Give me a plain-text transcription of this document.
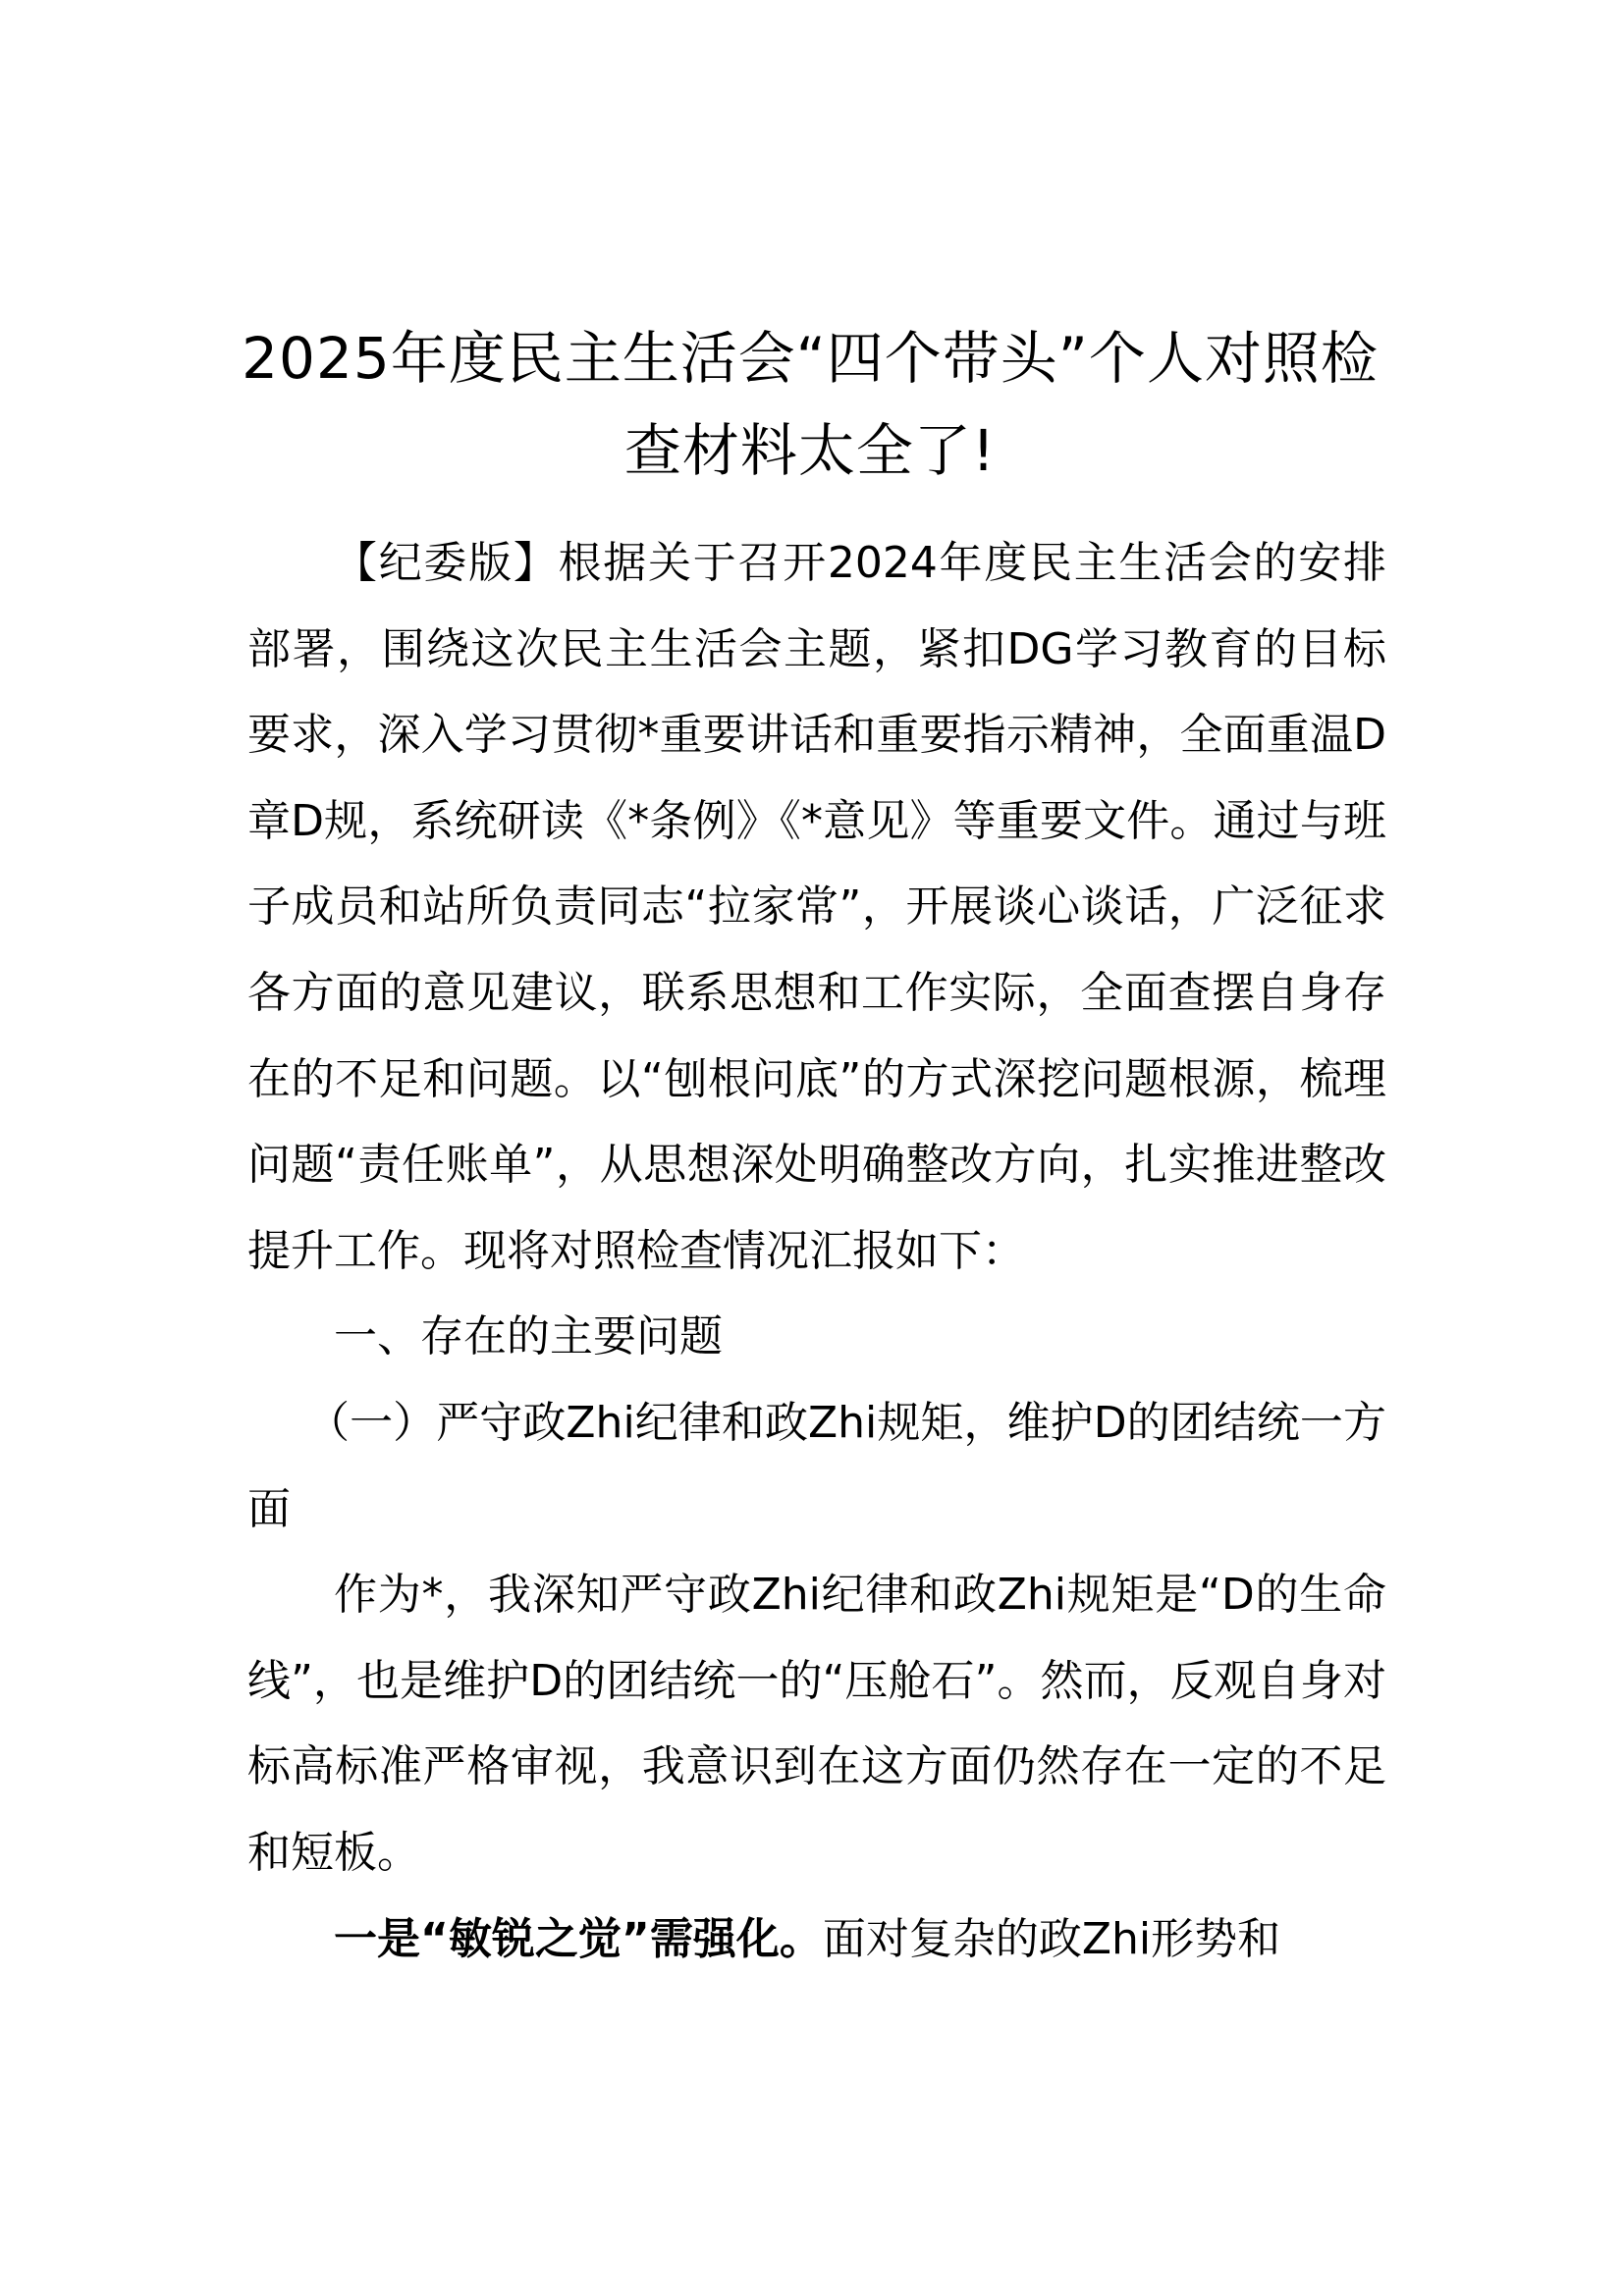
2025年度民主生活会“四个带头”个人对照检查材料太全了!

【纪委版】根据关于召开2024年度民主生活会的安排部署，围绕这次民主生活会主题，紧扣DG学习教育的目标要求，深入学习贯彻*重要讲话和重要指示精神，全面重温D章D规，系统研读《*条例》《*意见》等重要文件。通过与班子成员和站所负责同志“拉家常”，开展谈心谈话，广泛征求各方面的意见建议，联系思想和工作实际，全面查摆自身存在的不足和问题。以“刨根问底”的方式深挖问题根源，梳理问题“责任账单”，从思想深处明确整改方向，扎实推进整改提升工作。现将对照检查情况汇报如下：

一、存在的主要问题

（一）严守政Zhi纪律和政Zhi规矩，维护D的团结统一方面

作为*，我深知严守政Zhi纪律和政Zhi规矩是“D的生命线”，也是维护D的团结统一的“压舱石”。然而，反观自身对标高标准严格审视，我意识到在这方面仍然存在一定的不足和短板。

一是“敏锐之觉”需强化。面对复杂的政Zhi形势和
